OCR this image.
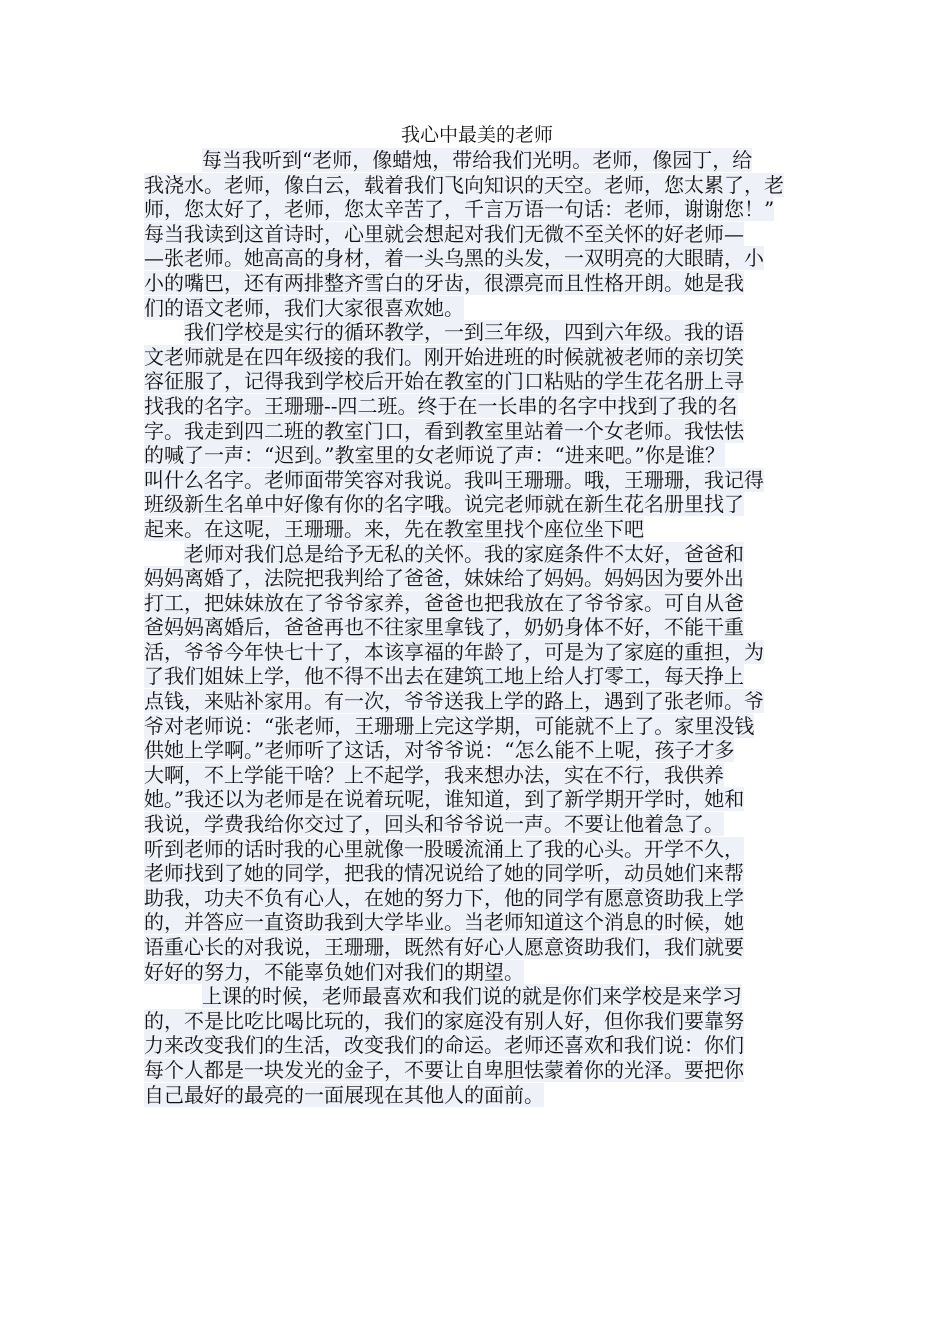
我心中最美的老师

每当我听到“老师，像蜡烛，带给我们光明。老师，像园丁，给

我浇水。老师，像白云，载着我们飞向知识的天空。老师，您太累了，老

师，您太好了，老师，您太辛苦了，千言万语一句话：老师，谢谢您！”

每当我读到这首诗时，心里就会想起对我们无微不至关怀的好老师—

—张老师。她高高的身材，着一头乌黑的头发，一双明亮的大眼睛，小

小的嘴巴，还有两排整齐雪白的牙齿，很漂亮而且性格开朗。她是我

们的语文老师，我们大家很喜欢她。

我们学校是实行的循环教学，一到三年级，四到六年级。我的语

文老师就是在四年级接的我们。刚开始进班的时候就被老师的亲切笑

容征服了，记得我到学校后开始在教室的门口粘贴的学生花名册上寻

找我的名字。王珊珊--四二班。终于在一长串的名字中找到了我的名

字。我走到四二班的教室门口，看到教室里站着一个女老师。我怯怯

的喊了一声：“迟到。”教室里的女老师说了声：“进来吧。”你是谁？

叫什么名字。老师面带笑容对我说。我叫王珊珊。哦，王珊珊，我记得

班级新生名单中好像有你的名字哦。说完老师就在新生花名册里找了

起来。在这呢，王珊珊。来，先在教室里找个座位坐下吧

老师对我们总是给予无私的关怀。我的家庭条件不太好，爸爸和

妈妈离婚了，法院把我判给了爸爸，妹妹给了妈妈。妈妈因为要外出

打工，把妹妹放在了爷爷家养，爸爸也把我放在了爷爷家。可自从爸

爸妈妈离婚后，爸爸再也不往家里拿钱了，奶奶身体不好，不能干重

活，爷爷今年快七十了，本该享福的年龄了，可是为了家庭的重担，为

了我们姐妹上学，他不得不出去在建筑工地上给人打零工，每天挣上

点钱，来贴补家用。有一次，爷爷送我上学的路上，遇到了张老师。爷

爷对老师说：“张老师，王珊珊上完这学期，可能就不上了。家里没钱

供她上学啊。”老师听了这话，对爷爷说：“怎么能不上呢，孩子才多

大啊，不上学能干啥？上不起学，我来想办法，实在不行，我供养

她。”我还以为老师是在说着玩呢，谁知道，到了新学期开学时，她和

我说，学费我给你交过了，回头和爷爷说一声。不要让他着急了。

听到老师的话时我的心里就像一股暖流涌上了我的心头。开学不久，

老师找到了她的同学，把我的情况说给了她的同学听，动员她们来帮

助我，功夫不负有心人，在她的努力下，他的同学有愿意资助我上学

的，并答应一直资助我到大学毕业。当老师知道这个消息的时候，她

语重心长的对我说，王珊珊，既然有好心人愿意资助我们，我们就要

好好的努力，不能辜负她们对我们的期望。

上课的时候，老师最喜欢和我们说的就是你们来学校是来学习

的，不是比吃比喝比玩的，我们的家庭没有别人好，但你我们要靠努

力来改变我们的生活，改变我们的命运。老师还喜欢和我们说：你们

每个人都是一块发光的金子，不要让自卑胆怯蒙着你的光泽。要把你

自己最好的最亮的一面展现在其他人的面前。
